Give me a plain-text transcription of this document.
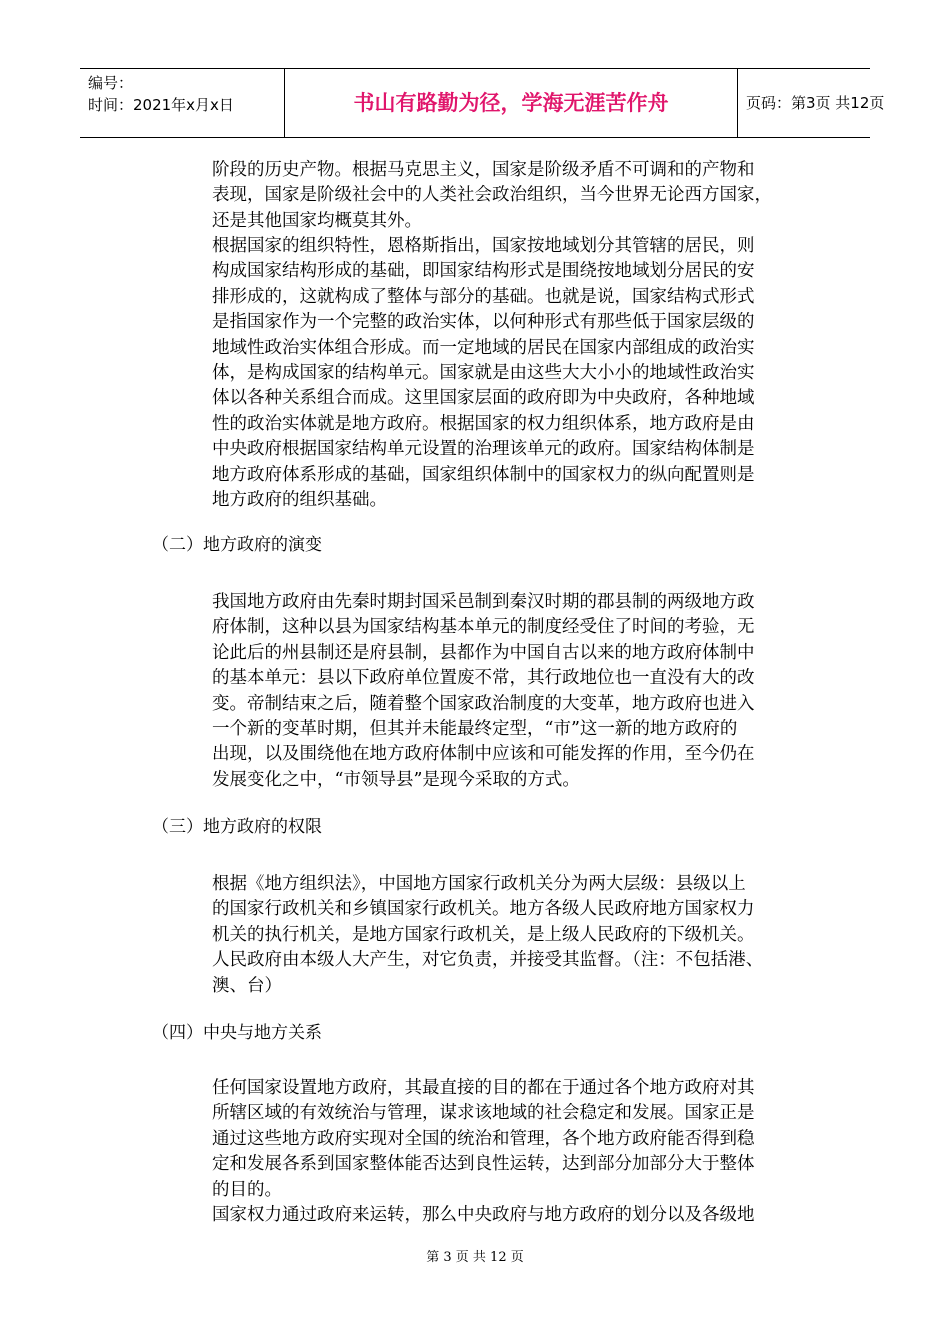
编号：
时间：2021年x月x日	书山有路勤为径，学海无涯苦作舟	页码：第3页 共12页
阶段的历史产物。根据马克思主义，国家是阶级矛盾不可调和的产物和
表现，国家是阶级社会中的人类社会政治组织，当今世界无论西方国家，
还是其他国家均概莫其外。
根据国家的组织特性，恩格斯指出，国家按地域划分其管辖的居民，则
构成国家结构形成的基础，即国家结构形式是围绕按地域划分居民的安
排形成的，这就构成了整体与部分的基础。也就是说，国家结构式形式
是指国家作为一个完整的政治实体，以何种形式有那些低于国家层级的
地域性政治实体组合形成。而一定地域的居民在国家内部组成的政治实
体，是构成国家的结构单元。国家就是由这些大大小小的地域性政治实
体以各种关系组合而成。这里国家层面的政府即为中央政府，各种地域
性的政治实体就是地方政府。根据国家的权力组织体系，地方政府是由
中央政府根据国家结构单元设置的治理该单元的政府。国家结构体制是
地方政府体系形成的基础，国家组织体制中的国家权力的纵向配置则是
地方政府的组织基础。
（二）地方政府的演变
我国地方政府由先秦时期封国采邑制到秦汉时期的郡县制的两级地方政
府体制，这种以县为国家结构基本单元的制度经受住了时间的考验，无
论此后的州县制还是府县制，县都作为中国自古以来的地方政府体制中
的基本单元：县以下政府单位置废不常，其行政地位也一直没有大的改
变。帝制结束之后，随着整个国家政治制度的大变革，地方政府也进入
一个新的变革时期，但其并未能最终定型，“市”这一新的地方政府的
出现，以及围绕他在地方政府体制中应该和可能发挥的作用，至今仍在
发展变化之中，“市领导县”是现今采取的方式。
（三）地方政府的权限
根据《地方组织法》，中国地方国家行政机关分为两大层级：县级以上
的国家行政机关和乡镇国家行政机关。地方各级人民政府地方国家权力
机关的执行机关，是地方国家行政机关，是上级人民政府的下级机关。
人民政府由本级人大产生，对它负责，并接受其监督。（注：不包括港、
澳、台）
（四）中央与地方关系
任何国家设置地方政府，其最直接的目的都在于通过各个地方政府对其
所辖区域的有效统治与管理，谋求该地域的社会稳定和发展。国家正是
通过这些地方政府实现对全国的统治和管理，各个地方政府能否得到稳
定和发展各系到国家整体能否达到良性运转，达到部分加部分大于整体
的目的。
国家权力通过政府来运转，那么中央政府与地方政府的划分以及各级地
第 3 页 共 12 页
